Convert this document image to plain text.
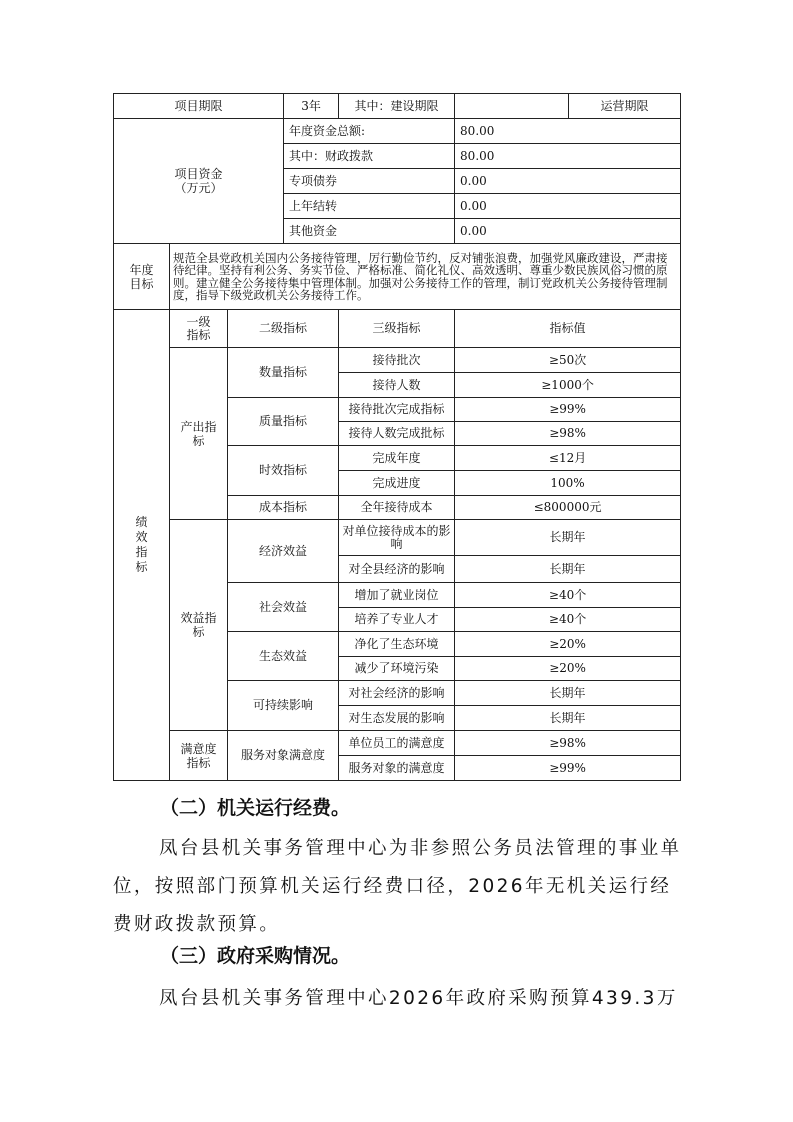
项目期限			3年	其中：建设期限		运营期限	
项目资金（万元）			年度资金总额:		80.00		
			其中：财政拨款		80.00		
			专项债券		0.00		
			上年结转		0.00		
			其他资金		0.00		
年度目标	规范全县党政机关国内公务接待管理，厉行勤俭节约，反对铺张浪费，加强党风廉政建设，严肃接待纪律。坚持有利公务、务实节俭、严格标准、简化礼仪、高效透明、尊重少数民族风俗习惯的原则。建立健全公务接待集中管理体制。加强对公务接待工作的管理，制订党政机关公务接待管理制度，指导下级党政机关公务接待工作。						
绩效指标	一级指标	二级指标		三级指标	指标值		
	产出指标	数量指标		接待批次	≥50次		
				接待人数	≥1000个		
		质量指标		接待批次完成指标	≥99%		
				接待人数完成批标	≥98%		
		时效指标		完成年度	≤12月		
				完成进度	100%		
		成本指标		全年接待成本	≤800000元		
	效益指标	经济效益		对单位接待成本的影响	长期年		
				对全县经济的影响	长期年		
		社会效益		增加了就业岗位	≥40个		
				培养了专业人才	≥40个		
		生态效益		净化了生态环境	≥20%		
				减少了环境污染	≥20%		
		可持续影响		对社会经济的影响	长期年		
				对生态发展的影响	长期年		
	满意度指标	服务对象满意度		单位员工的满意度	≥98%		
				服务对象的满意度	≥99%		
（二）机关运行经费。

凤台县机关事务管理中心为非参照公务员法管理的事业单位，按照部门预算机关运行经费口径，2026年无机关运行经费财政拨款预算。

（三）政府采购情况。

凤台县机关事务管理中心2026年政府采购预算439.3万
